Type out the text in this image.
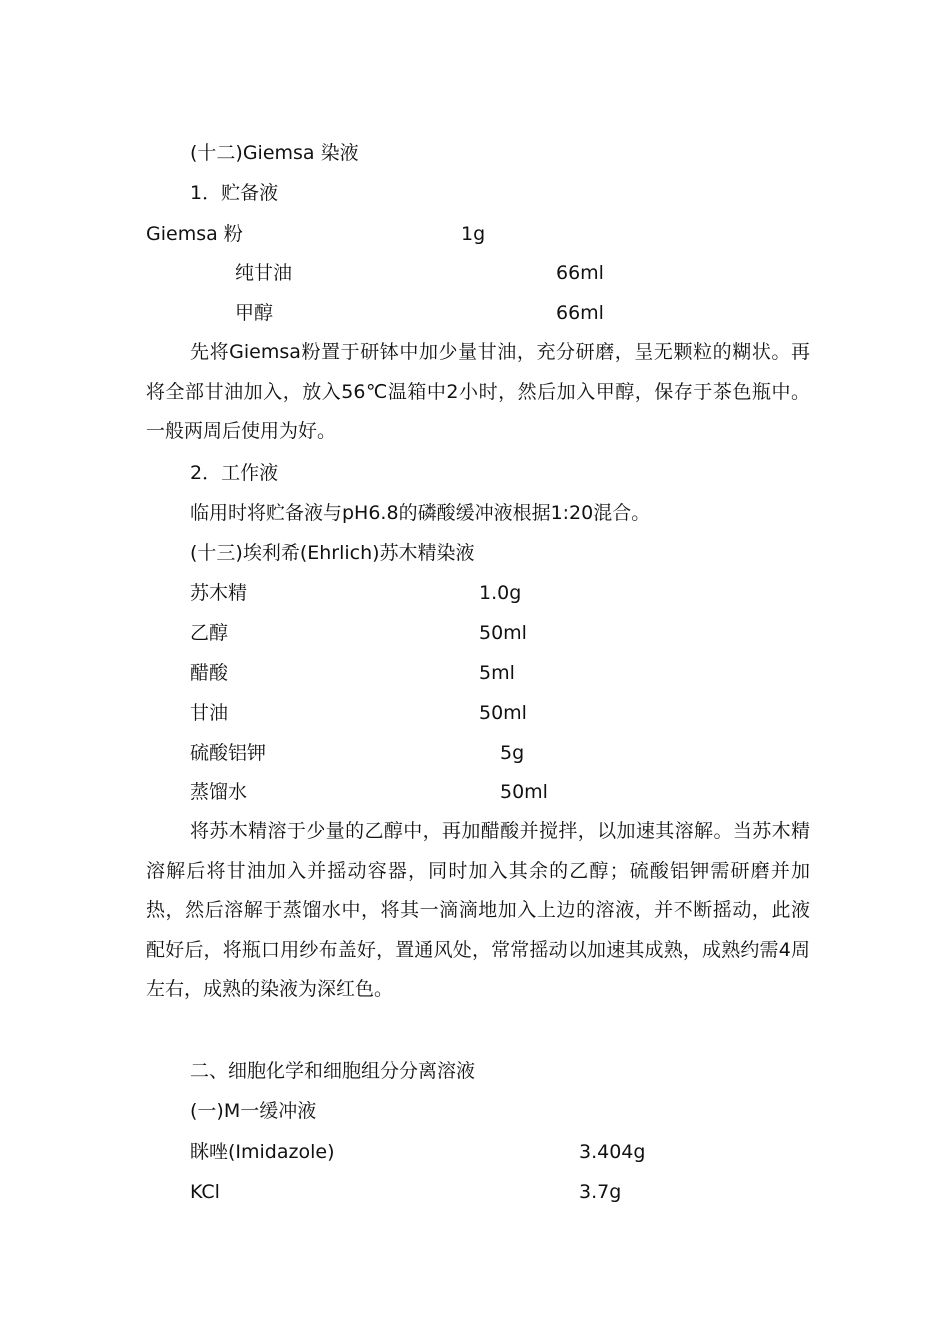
(十二)Giemsa 染液
1．贮备液
Giemsa 粉	1g
纯甘油	66ml
甲醇	66ml
先将Giemsa粉置于研钵中加少量甘油，充分研磨，呈无颗粒的糊状。再将全部甘油加入，放入56℃温箱中2小时，然后加入甲醇，保存于茶色瓶中。一般两周后使用为好。
2．工作液
临用时将贮备液与pH6.8的磷酸缓冲液根据1:20混合。
(十三)埃利希(Ehrlich)苏木精染液
苏木精	1.0g
乙醇	50ml
醋酸	5ml
甘油	50ml
硫酸铝钾	5g
蒸馏水	50ml
将苏木精溶于少量的乙醇中，再加醋酸并搅拌，以加速其溶解。当苏木精溶解后将甘油加入并摇动容器，同时加入其余的乙醇；硫酸铝钾需研磨并加热，然后溶解于蒸馏水中，将其一滴滴地加入上边的溶液，并不断摇动，此液配好后，将瓶口用纱布盖好，置通风处，常常摇动以加速其成熟，成熟约需4周左右，成熟的染液为深红色。
二、细胞化学和细胞组分分离溶液
(一)M一缓冲液
眯唑(Imidazole)	3.404g
KCl	3.7g
